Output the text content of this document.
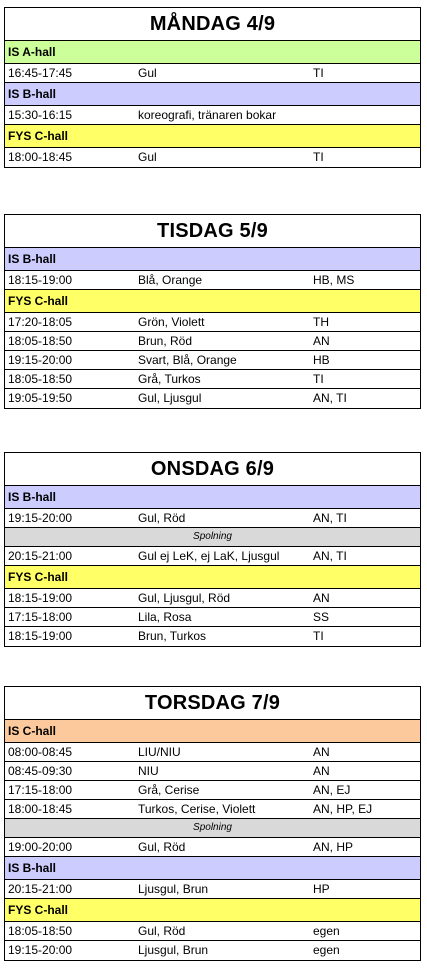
MÅNDAG 4/9
IS A-hall
16:45-17:45	Gul	TI
IS B-hall
15:30-16:15	koreografi, tränaren bokar
FYS C-hall
18:00-18:45	Gul	TI
TISDAG 5/9
IS B-hall
18:15-19:00	Blå, Orange	HB, MS
FYS C-hall
17:20-18:05	Grön, Violett	TH
18:05-18:50	Brun, Röd	AN
19:15-20:00	Svart, Blå, Orange	HB
18:05-18:50	Grå, Turkos	TI
19:05-19:50	Gul, Ljusgul	AN, TI
ONSDAG 6/9
IS B-hall
19:15-20:00	Gul, Röd	AN, TI
Spolning
20:15-21:00	Gul ej LeK, ej LaK, Ljusgul	AN, TI
FYS C-hall
18:15-19:00	Gul, Ljusgul, Röd	AN
17:15-18:00	Lila, Rosa	SS
18:15-19:00	Brun, Turkos	TI
TORSDAG 7/9
IS C-hall
08:00-08:45	LIU/NIU	AN
08:45-09:30	NIU	AN
17:15-18:00	Grå, Cerise	AN, EJ
18:00-18:45	Turkos, Cerise, Violett	AN, HP, EJ
Spolning
19:00-20:00	Gul, Röd	AN, HP
IS B-hall
20:15-21:00	Ljusgul, Brun	HP
FYS C-hall
18:05-18:50	Gul, Röd	egen
19:15-20:00	Ljusgul, Brun	egen
